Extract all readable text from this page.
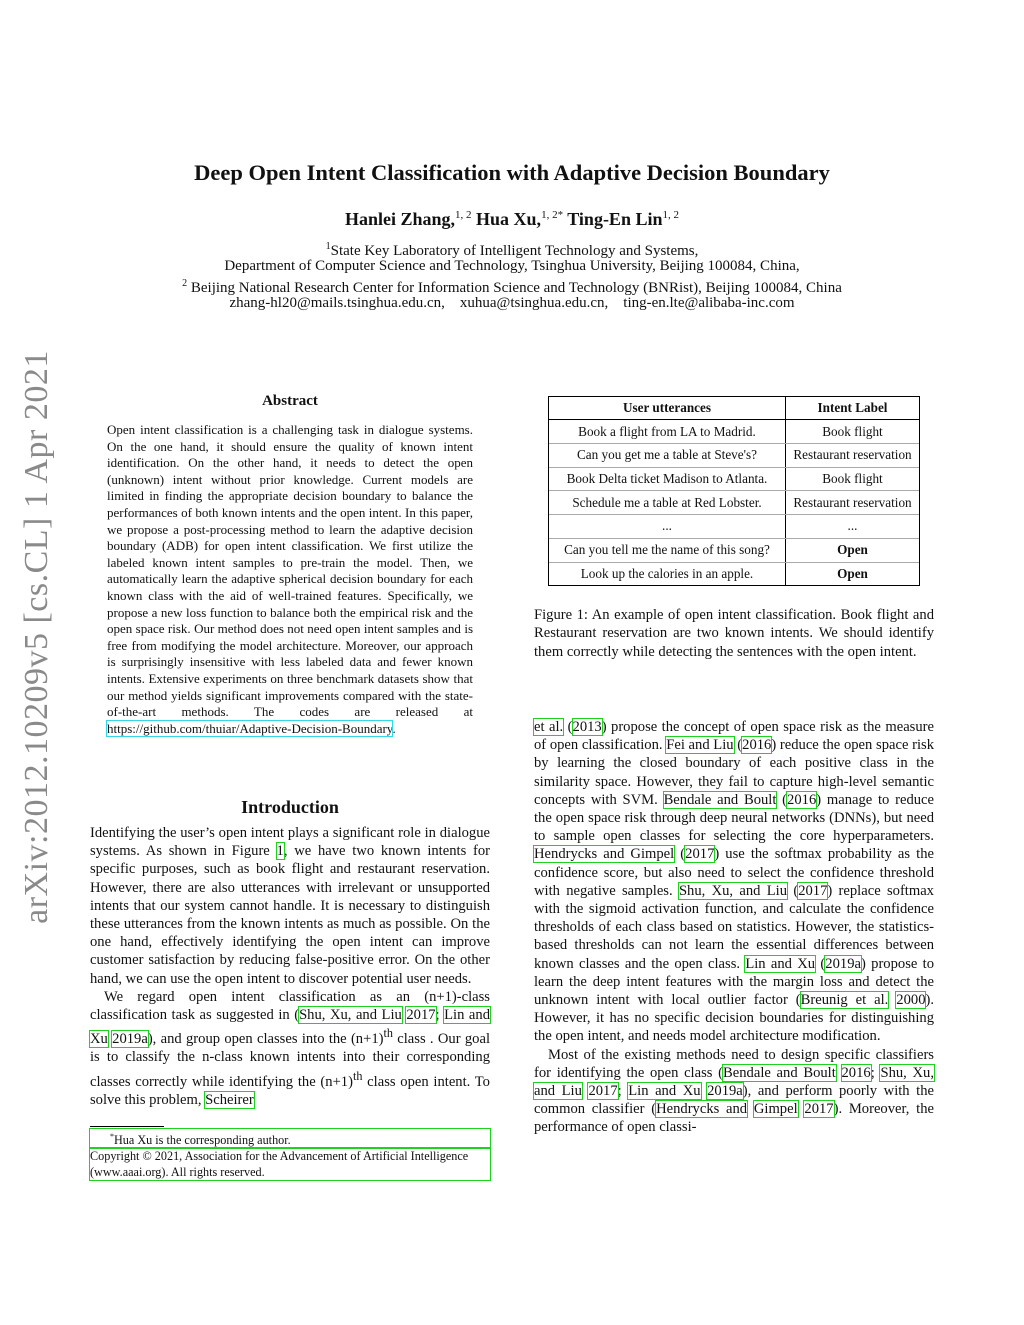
Deep Open Intent Classification with Adaptive Decision Boundary
Hanlei Zhang,$^{1, 2}$ Hua Xu,$^{1, 2*}$ Ting-En Lin$^{1, 2}$
$^1$State Key Laboratory of Intelligent Technology and Systems,
Department of Computer Science and Technology, Tsinghua University, Beijing 100084, China,
$^2$ Beijing National Research Center for Information Science and Technology (BNRist), Beijing 100084, China
zhang-hl20@mails.tsinghua.edu.cn,    xuhua@tsinghua.edu.cn,    ting-en.lte@alibaba-inc.com
arXiv:2012.10209v5 [cs.CL] 1 Apr 2021	Abstract
Open intent classification is a challenging task in dialogue systems. On the one hand, it should ensure the quality of known intent identification. On the other hand, it needs to detect the open (unknown) intent without prior knowledge. Current models are limited in finding the appropriate decision boundary to balance the performances of both known intents and the open intent. In this paper, we propose a post-processing method to learn the adaptive decision boundary (ADB) for open intent classification. We first utilize the labeled known intent samples to pre-train the model. Then, we automatically learn the adaptive spherical decision boundary for each known class with the aid of well-trained features. Specifically, we propose a new loss function to balance both the empirical risk and the open space risk. Our method does not need open intent samples and is free from modifying the model architecture. Moreover, our approach is surprisingly insensitive with less labeled data and fewer known intents. Extensive experiments on three benchmark datasets show that our method yields significant improvements compared with the state-of-the-art methods. The codes are released at https://github.com/thuiar/Adaptive-Decision-Boundary.
Introduction

Identifying the user’s open intent plays a significant role in dialogue systems. As shown in Figure 1, we have two known intents for specific purposes, such as book flight and restaurant reservation. However, there are also utterances with irrelevant or unsupported intents that our system cannot handle. It is necessary to distinguish these utterances from the known intents as much as possible. On the one hand, effectively identifying the open intent can improve customer satisfaction by reducing false-positive error. On the other hand, we can use the open intent to discover potential user needs.

We regard open intent classification as an (n+1)-class classification task as suggested in (Shu, Xu, and Liu 2017; Lin and Xu 2019a), and group open classes into the $(n+1)^{th}$ class . Our goal is to classify the n-class known intents into their corresponding classes correctly while identifying the $(n+1)^{th}$ class open intent. To solve this problem, Scheirer

*Hua Xu is the corresponding author.
Copyright © 2021, Association for the Advancement of Artificial Intelligence (www.aaai.org). All rights reserved.
User utterances	Intent Label
Book a flight from LA to Madrid.	Book flight
Can you get me a table at Steve's?	Restaurant reservation
Book Delta ticket Madison to Atlanta.	Book flight
Schedule me a table at Red Lobster.	Restaurant reservation
...	...
Can you tell me the name of this song?	Open
Look up the calories in an apple.	Open
Figure 1: An example of open intent classification. Book flight and Restaurant reservation are two known intents. We should identify them correctly while detecting the sentences with the open intent.

et al. (2013) propose the concept of open space risk as the measure of open classification. Fei and Liu (2016) reduce the open space risk by learning the closed boundary of each positive class in the similarity space. However, they fail to capture high-level semantic concepts with SVM. Bendale and Boult (2016) manage to reduce the open space risk through deep neural networks (DNNs), but need to sample open classes for selecting the core hyperparameters. Hendrycks and Gimpel (2017) use the softmax probability as the confidence score, but also need to select the confidence threshold with negative samples. Shu, Xu, and Liu (2017) replace softmax with the sigmoid activation function, and calculate the confidence thresholds of each class based on statistics. However, the statistics-based thresholds can not learn the essential differences between known classes and the open class. Lin and Xu (2019a) propose to learn the deep intent features with the margin loss and detect the unknown intent with local outlier factor (Breunig et al. 2000). However, it has no specific decision boundaries for distinguishing the open intent, and needs model architecture modification.

Most of the existing methods need to design specific classifiers for identifying the open class (Bendale and Boult 2016; Shu, Xu, and Liu 2017; Lin and Xu 2019a), and perform poorly with the common classifier (Hendrycks and Gimpel 2017). Moreover, the performance of open classi-
